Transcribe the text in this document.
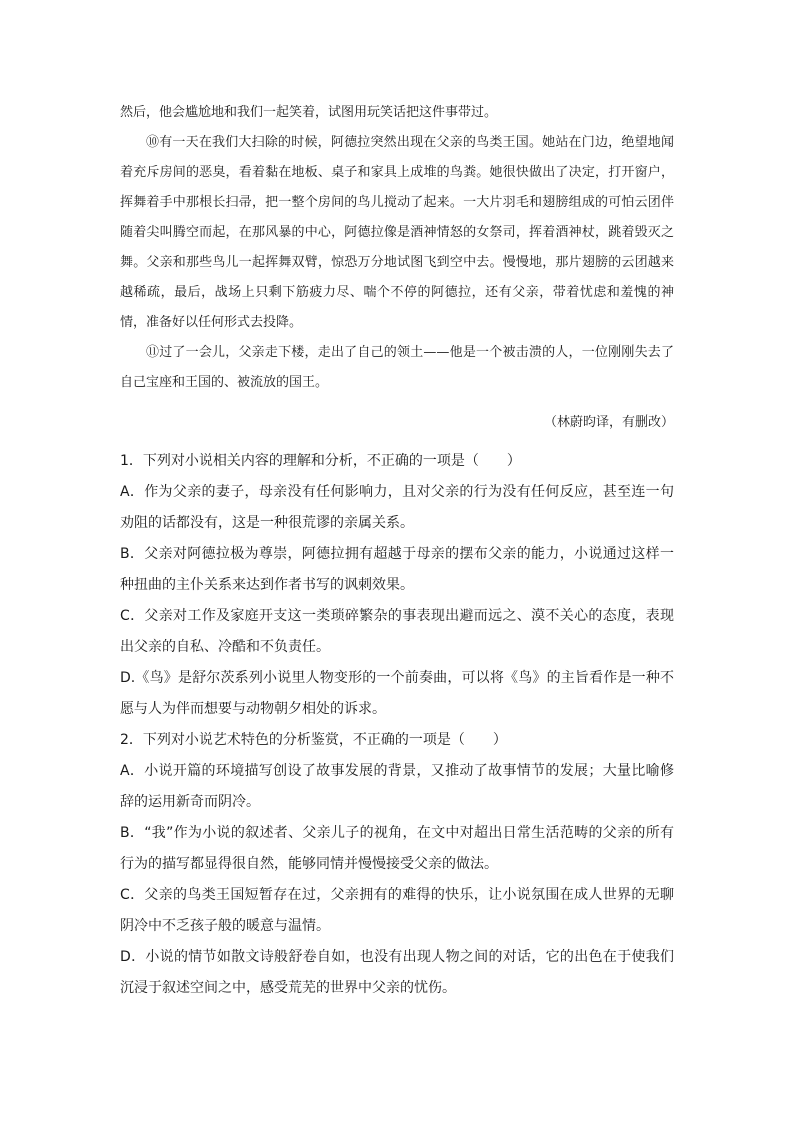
然后，他会尴尬地和我们一起笑着，试图用玩笑话把这件事带过。

⑩有一天在我们大扫除的时候，阿德拉突然出现在父亲的鸟类王国。她站在门边，绝望地闻着充斥房间的恶臭，看着黏在地板、桌子和家具上成堆的鸟粪。她很快做出了决定，打开窗户，挥舞着手中那根长扫帚，把一整个房间的鸟儿搅动了起来。一大片羽毛和翅膀组成的可怕云团伴随着尖叫腾空而起，在那风暴的中心，阿德拉像是酒神情怒的女祭司，挥着酒神杖，跳着毁灭之舞。父亲和那些鸟儿一起挥舞双臂，惊恐万分地试图飞到空中去。慢慢地，那片翅膀的云团越来越稀疏，最后，战场上只剩下筋疲力尽、喘个不停的阿德拉，还有父亲，带着忧虑和羞愧的神情，准备好以任何形式去投降。

⑪过了一会儿，父亲走下楼，走出了自己的领土——他是一个被击溃的人，一位刚刚失去了自己宝座和王国的、被流放的国王。

（林蔚昀译，有删改）

1．下列对小说相关内容的理解和分析，不正确的一项是（　　）

A．作为父亲的妻子，母亲没有任何影响力，且对父亲的行为没有任何反应，甚至连一句劝阻的话都没有，这是一种很荒谬的亲属关系。

B．父亲对阿德拉极为尊崇，阿德拉拥有超越于母亲的摆布父亲的能力，小说通过这样一种扭曲的主仆关系来达到作者书写的讽刺效果。

C．父亲对工作及家庭开支这一类琐碎繁杂的事表现出避而远之、漠不关心的态度，表现出父亲的自私、冷酷和不负责任。

D.《鸟》是舒尔茨系列小说里人物变形的一个前奏曲，可以将《鸟》的主旨看作是一种不愿与人为伴而想要与动物朝夕相处的诉求。

2．下列对小说艺术特色的分析鉴赏，不正确的一项是（　　）

A．小说开篇的环境描写创设了故事发展的背景，又推动了故事情节的发展；大量比喻修辞的运用新奇而阴冷。

B．“我”作为小说的叙述者、父亲儿子的视角，在文中对超出日常生活范畴的父亲的所有行为的描写都显得很自然，能够同情并慢慢接受父亲的做法。

C．父亲的鸟类王国短暂存在过，父亲拥有的难得的快乐，让小说氛围在成人世界的无聊阴冷中不乏孩子般的暖意与温情。

D．小说的情节如散文诗般舒卷自如，也没有出现人物之间的对话，它的出色在于使我们沉浸于叙述空间之中，感受荒芜的世界中父亲的忧伤。
